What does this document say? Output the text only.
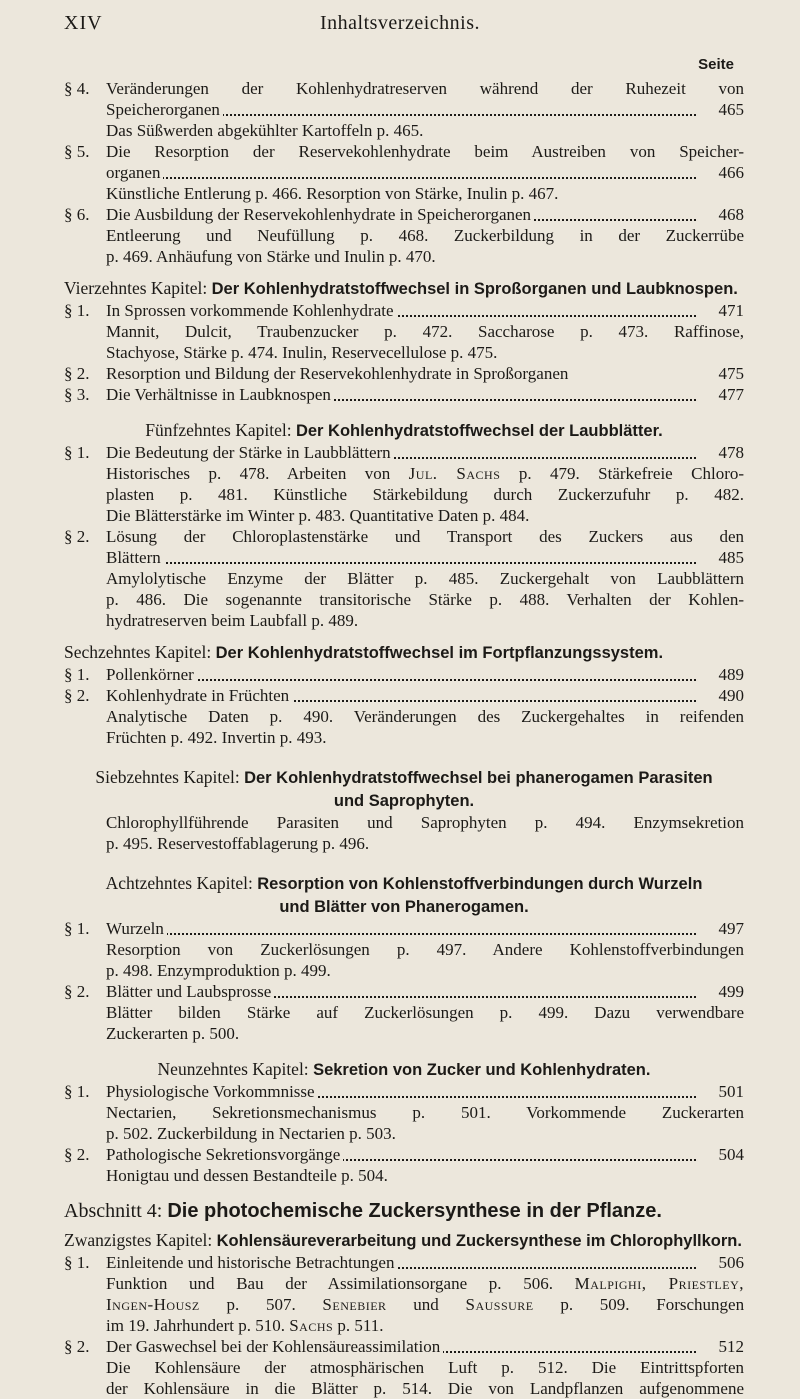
XIV	Inhaltsverzeichnis.
Seite
§ 4. Veränderungen der Kohlenhydratreserven während der Ruhezeit von
Speicherorganen	465
Das Süßwerden abgekühlter Kartoffeln p. 465.
§ 5. Die Resorption der Reservekohlenhydrate beim Austreiben von Speicher-
organen	466
Künstliche Entlerung p. 466. Resorption von Stärke, Inulin p. 467.
§ 6. Die Ausbildung der Reservekohlenhydrate in Speicherorganen	468
Entleerung und Neufüllung p. 468. Zuckerbildung in der Zuckerrübe
p. 469. Anhäufung von Stärke und Inulin p. 470.
Vierzehntes Kapitel: Der Kohlenhydratstoffwechsel in Sproßorganen und Laubknospen.
§ 1. In Sprossen vorkommende Kohlenhydrate	471
Mannit, Dulcit, Traubenzucker p. 472. Saccharose p. 473. Raffinose,
Stachyose, Stärke p. 474. Inulin, Reservecellulose p. 475.
§ 2. Resorption und Bildung der Reservekohlenhydrate in Sproßorganen	475
§ 3. Die Verhältnisse in Laubknospen	477
Fünfzehntes Kapitel: Der Kohlenhydratstoffwechsel der Laubblätter.
§ 1. Die Bedeutung der Stärke in Laubblättern	478
Historisches p. 478. Arbeiten von Jul. Sachs p. 479. Stärkefreie Chloro-
plasten p. 481. Künstliche Stärkebildung durch Zuckerzufuhr p. 482.
Die Blätterstärke im Winter p. 483. Quantitative Daten p. 484.
§ 2. Lösung der Chloroplastenstärke und Transport des Zuckers aus den
Blättern	485
Amylolytische Enzyme der Blätter p. 485. Zuckergehalt von Laubblättern
p. 486. Die sogenannte transitorische Stärke p. 488. Verhalten der Kohlen-
hydratreserven beim Laubfall p. 489.
Sechzehntes Kapitel: Der Kohlenhydratstoffwechsel im Fortpflanzungssystem.
§ 1. Pollenkörner	489
§ 2. Kohlenhydrate in Früchten	490
Analytische Daten p. 490. Veränderungen des Zuckergehaltes in reifenden
Früchten p. 492. Invertin p. 493.
Siebzehntes Kapitel: Der Kohlenhydratstoffwechsel bei phanerogamen Parasiten
und Saprophyten.
Chlorophyllführende Parasiten und Saprophyten p. 494. Enzymsekretion
p. 495. Reservestoffablagerung p. 496.
Achtzehntes Kapitel: Resorption von Kohlenstoffverbindungen durch Wurzeln
und Blätter von Phanerogamen.
§ 1. Wurzeln	497
Resorption von Zuckerlösungen p. 497. Andere Kohlenstoffverbindungen
p. 498. Enzymproduktion p. 499.
§ 2. Blätter und Laubsprosse	499
Blätter bilden Stärke auf Zuckerlösungen p. 499. Dazu verwendbare
Zuckerarten p. 500.
Neunzehntes Kapitel: Sekretion von Zucker und Kohlenhydraten.
§ 1. Physiologische Vorkommnisse	501
Nectarien, Sekretionsmechanismus p. 501. Vorkommende Zuckerarten
p. 502. Zuckerbildung in Nectarien p. 503.
§ 2. Pathologische Sekretionsvorgänge	504
Honigtau und dessen Bestandteile p. 504.
Abschnitt 4: Die photochemische Zuckersynthese in der Pflanze.
Zwanzigstes Kapitel: Kohlensäureverarbeitung und Zuckersynthese im Chlorophyllkorn.
§ 1. Einleitende und historische Betrachtungen	506
Funktion und Bau der Assimilationsorgane p. 506. Malpighi, Priestley,
Ingen-Housz p. 507. Senebier und Saussure p. 509. Forschungen
im 19. Jahrhundert p. 510. Sachs p. 511.
§ 2. Der Gaswechsel bei der Kohlensäureassimilation	512
Die Kohlensäure der atmosphärischen Luft p. 512. Die Eintrittspforten
der Kohlensäure in die Blätter p. 514. Die von Landpflanzen aufgenommene
